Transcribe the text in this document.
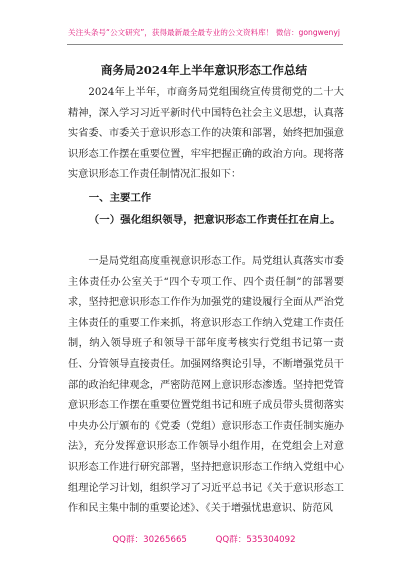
关注头条号“公文研究”，获得最新最全最专业的公文资料库！ 微信：gongwenyj
商务局2024年上半年意识形态工作总结

2024年上半年，市商务局党组围绕宣传贯彻党的二十大精神，深入学习习近平新时代中国特色社会主义思想，认真落实省委、市委关于意识形态工作的决策和部署，始终把加强意识形态工作摆在重要位置，牢牢把握正确的政治方向。现将落实意识形态工作责任制情况汇报如下：

一、主要工作
（一）强化组织领导，把意识形态工作责任扛在肩上。

一是局党组高度重视意识形态工作。局党组认真落实市委主体责任办公室关于“四个专项工作、四个责任制”的部署要求，坚持把意识形态工作作为加强党的建设履行全面从严治党主体责任的重要工作来抓，将意识形态工作纳入党建工作责任制，纳入领导班子和领导干部年度考核实行党组书记第一责任、分管领导直接责任。加强网络舆论引导，不断增强党员干部的政治纪律观念，严密防范网上意识形态渗透。坚持把党管意识形态工作摆在重要位置党组书记和班子成员带头贯彻落实中央办公厅颁布的《党委（党组）意识形态工作责任制实施办法》，充分发挥意识形态工作领导小组作用，在党组会上对意识形态工作进行研究部署，坚持把意识形态工作纳入党组中心组理论学习计划，组织学习了习近平总书记《关于意识形态工作和民主集中制的重要论述》、《关于增强忧患意识、防范风

QQ群：30265665	QQ群：535304092
